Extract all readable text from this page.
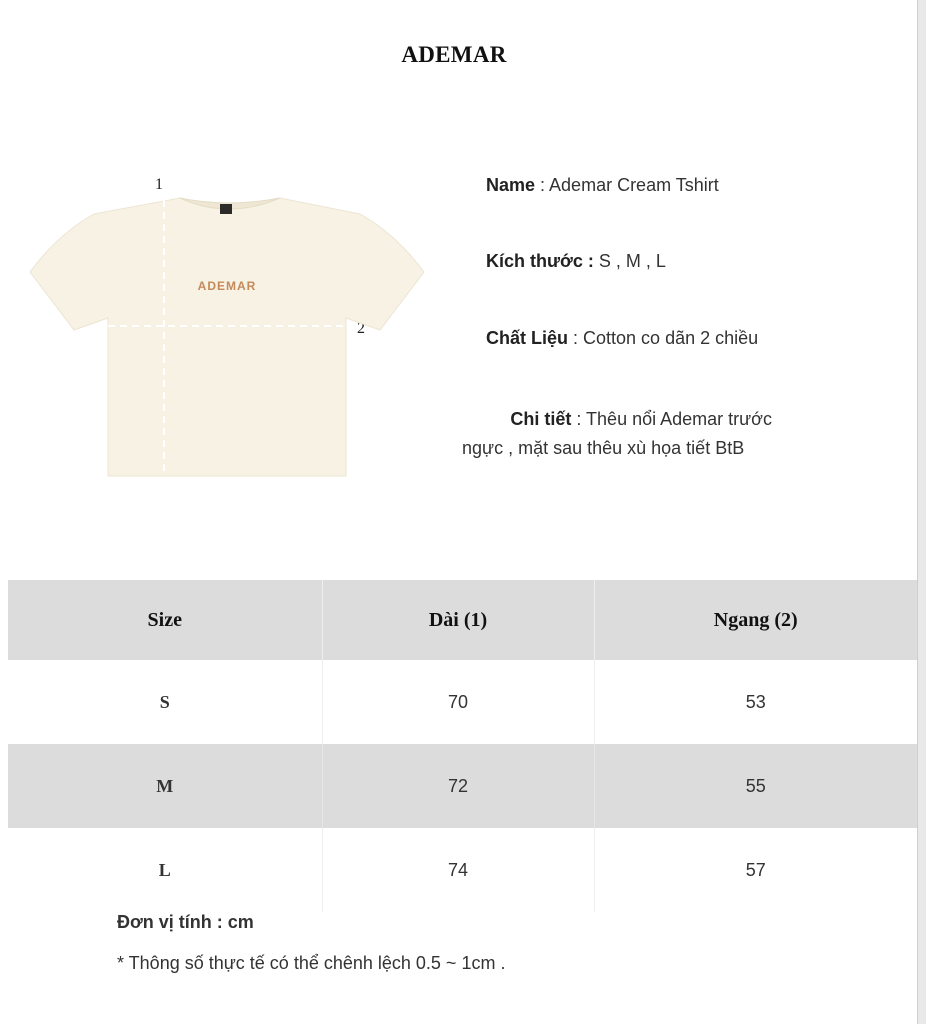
ADEMAR
1
2
ADEMAR
Name : Ademar Cream Tshirt
Kích thước : S , M , L
Chất Liệu : Cotton co dãn 2 chiều
Chi tiết : Thêu nổi Ademar trước
ngực , mặt sau thêu xù họa tiết BtB
Size	Dài (1)	Ngang (2)
S	70	53
M	72	55
L	74	57
Đơn vị tính : cm
* Thông số thực tế có thể chênh lệch 0.5 ~ 1cm .
